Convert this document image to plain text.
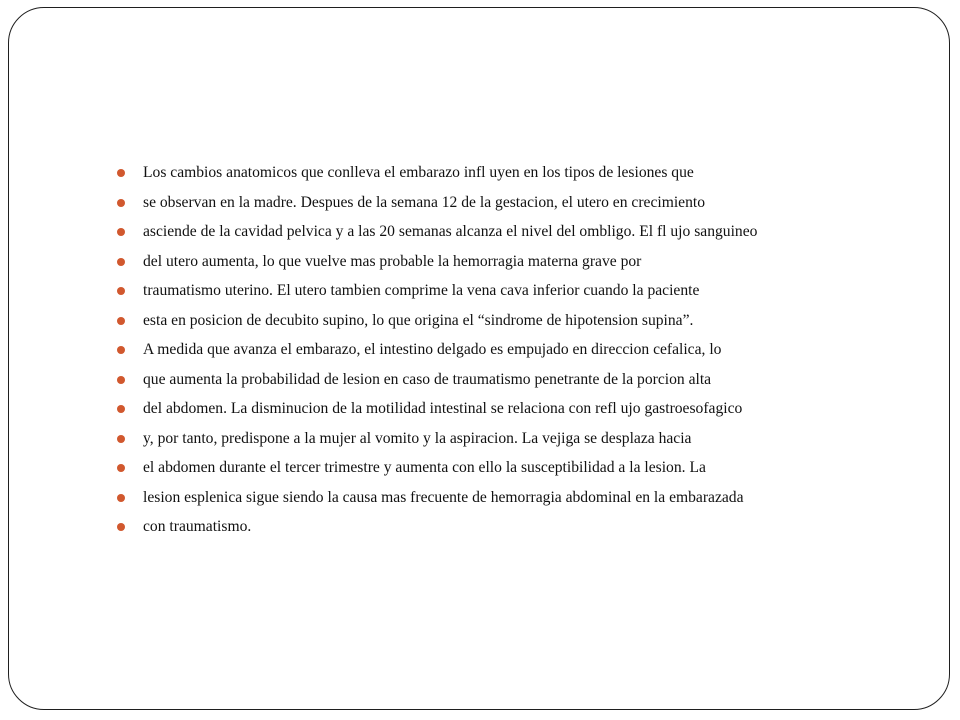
Los cambios anatomicos que conlleva el embarazo infl uyen en los tipos de lesiones que
se observan en la madre. Despues de la semana 12 de la gestacion, el utero en crecimiento
asciende de la cavidad pelvica y a las 20 semanas alcanza el nivel del ombligo. El fl ujo sanguineo
del utero aumenta, lo que vuelve mas probable la hemorragia materna grave por
traumatismo uterino. El utero tambien comprime la vena cava inferior cuando la paciente
esta en posicion de decubito supino, lo que origina el “sindrome de hipotension supina”.
A medida que avanza el embarazo, el intestino delgado es empujado en direccion cefalica, lo
que aumenta la probabilidad de lesion en caso de traumatismo penetrante de la porcion alta
del abdomen. La disminucion de la motilidad intestinal se relaciona con refl ujo gastroesofagico
y, por tanto, predispone a la mujer al vomito y la aspiracion. La vejiga se desplaza hacia
el abdomen durante el tercer trimestre y aumenta con ello la susceptibilidad a la lesion. La
lesion esplenica sigue siendo la causa mas frecuente de hemorragia abdominal en la embarazada
con traumatismo.
